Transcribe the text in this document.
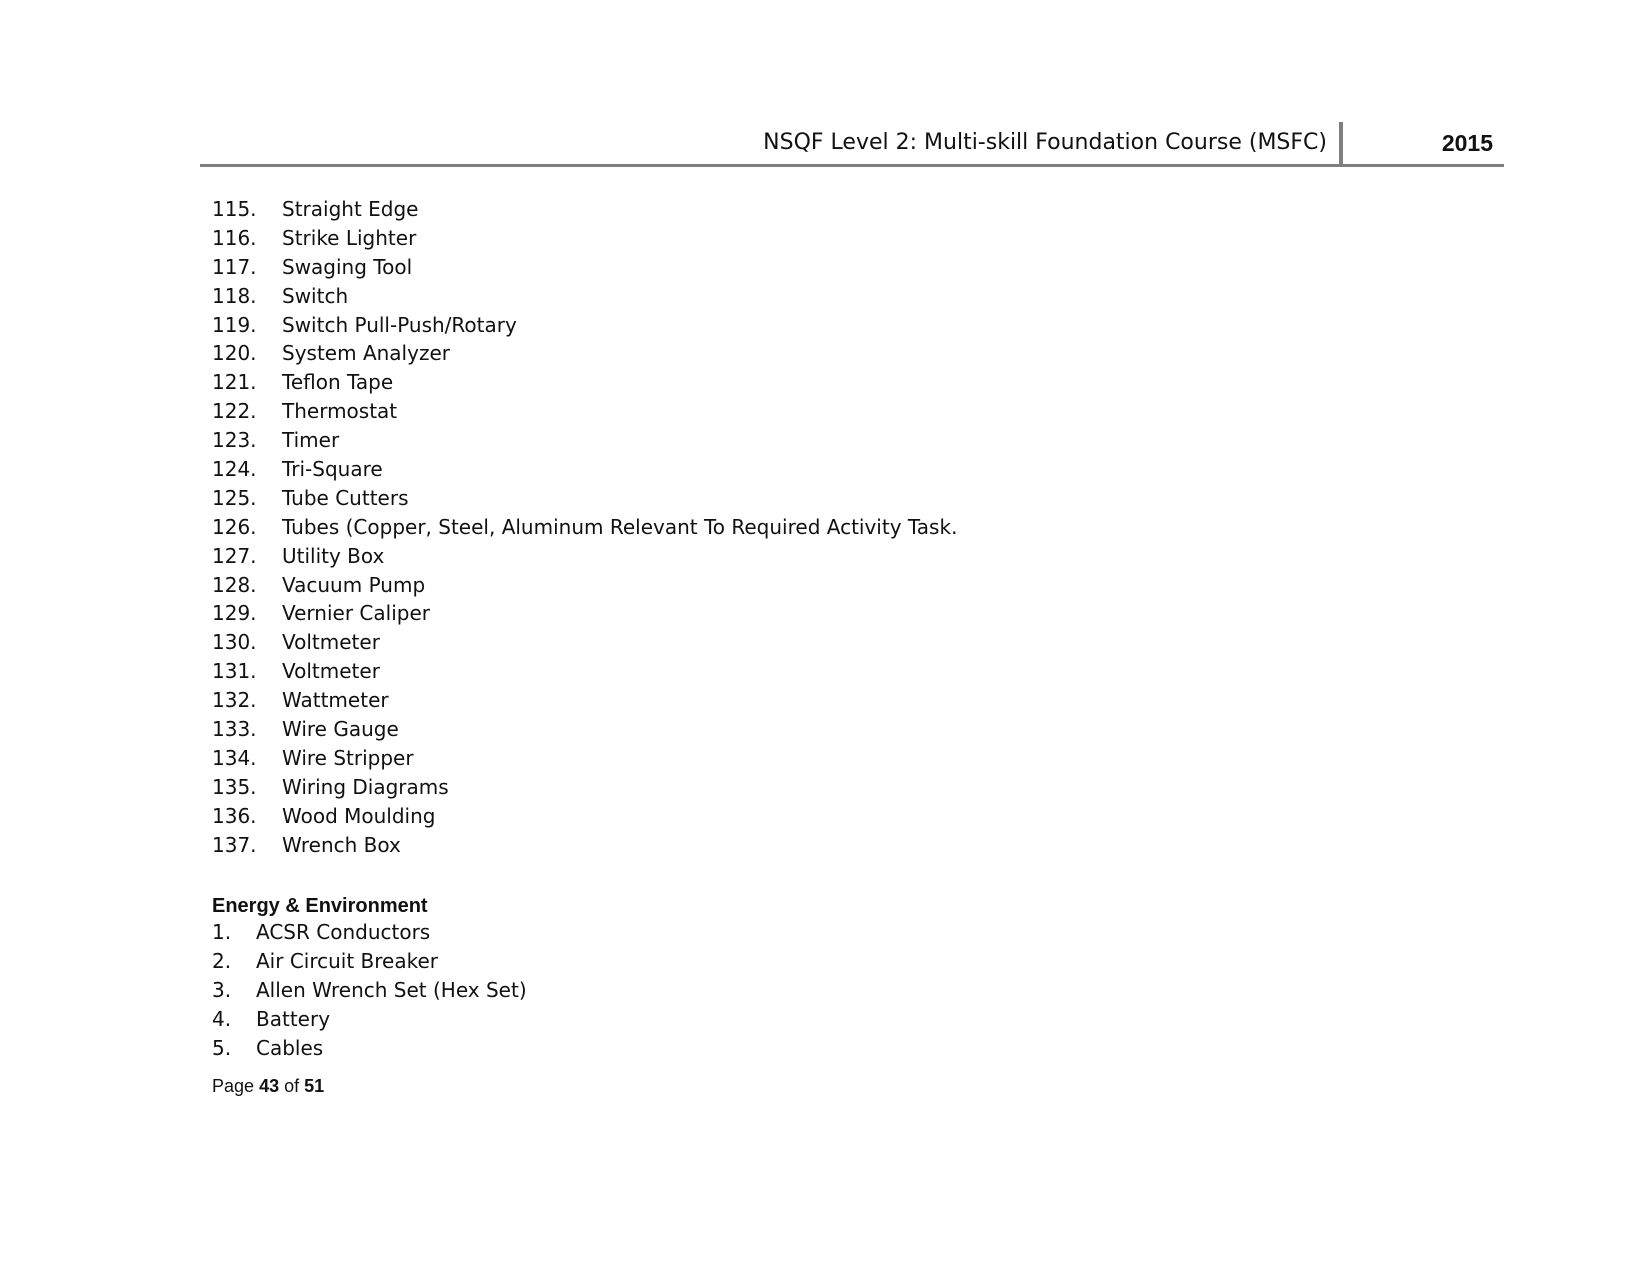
NSQF Level 2: Multi-skill Foundation Course (MSFC)	2015
115. Straight Edge
116. Strike Lighter
117. Swaging Tool
118. Switch
119. Switch Pull-Push/Rotary
120. System Analyzer
121. Teflon Tape
122. Thermostat
123. Timer
124. Tri-Square
125. Tube Cutters
126. Tubes (Copper, Steel, Aluminum Relevant To Required Activity Task.
127. Utility Box
128. Vacuum Pump
129. Vernier Caliper
130. Voltmeter
131. Voltmeter
132. Wattmeter
133. Wire Gauge
134. Wire Stripper
135. Wiring Diagrams
136. Wood Moulding
137. Wrench Box
Energy & Environment
1. ACSR Conductors
2. Air Circuit Breaker
3. Allen Wrench Set (Hex Set)
4. Battery
5. Cables
Page 43 of 51
